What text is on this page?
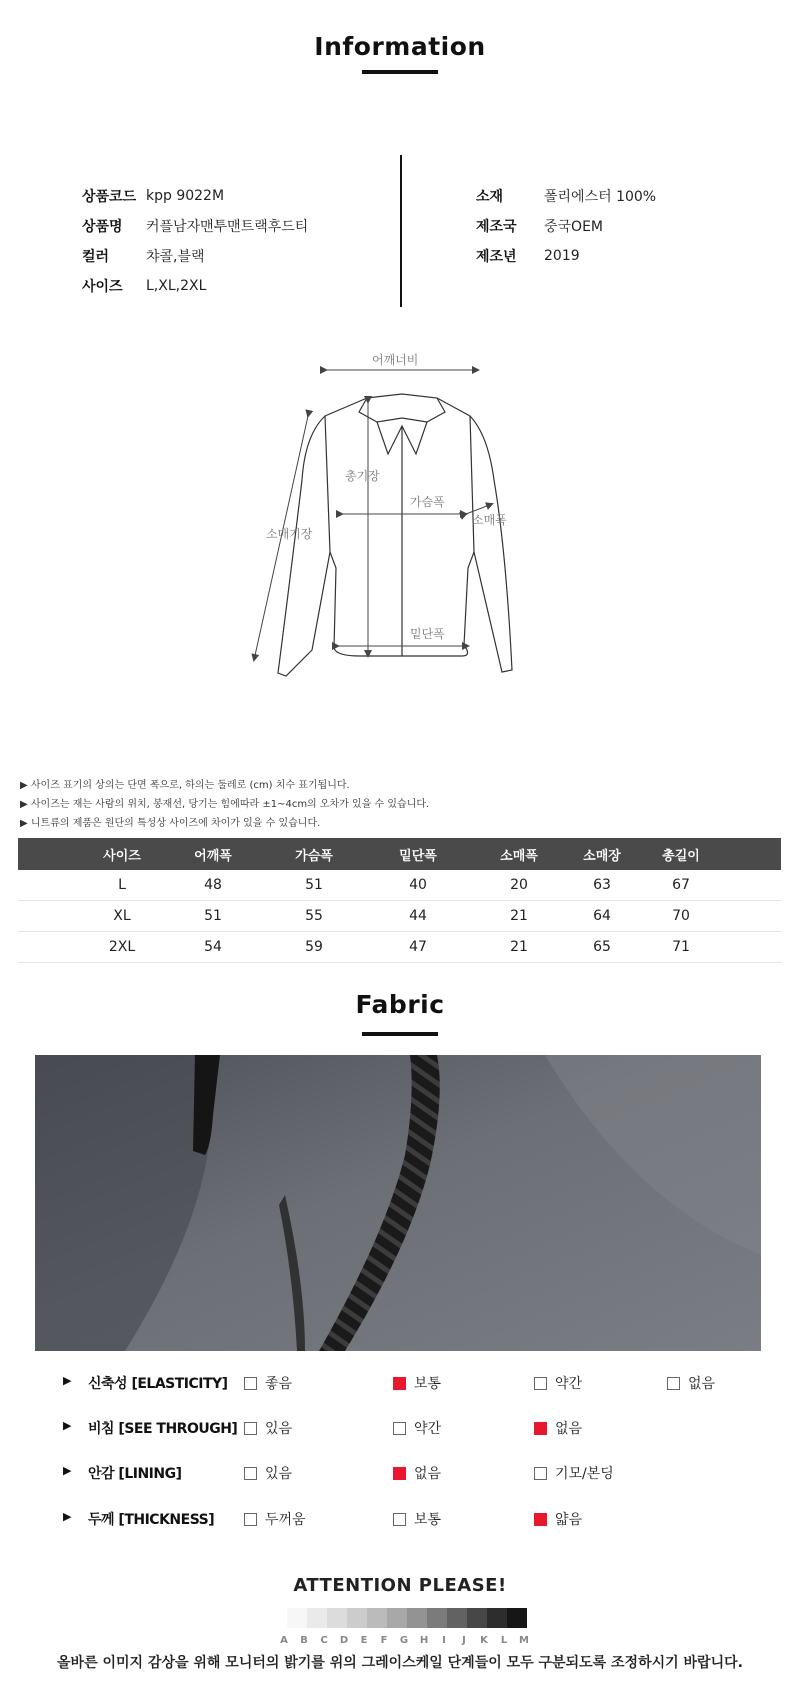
Information
상품코드 kpp 9022M
상품명	커플남자맨투맨트랙후드티
컬러	챠콜,블랙
사이즈	L,XL,2XL
소재	폴리에스터 100%
제조국	중국OEM
제조년	2019
어깨너비
총기장
가슴폭
소매폭
소매기장
밑단폭
▶ 사이즈 표기의 상의는 단면 폭으로, 하의는 둘레로 (cm) 치수 표기됩니다.
▶ 사이즈는 재는 사람의 위치, 봉재선, 당기는 힘에따라 ±1~4cm의 오차가 있을 수 있습니다.
▶ 니트류의 제품은 원단의 특성상 사이즈에 차이가 있을 수 있습니다.
사이즈	어깨폭	가슴폭	밑단폭	소매폭	소매장	총길이
L	48	51	40	20	63	67
XL	51	55	44	21	64	70
2XL	54	59	47	21	65	71
Fabric
▶ 신축성 [ELASTICITY]	좋음	보통	약간	없음
▶ 비침 [SEE THROUGH] 있음	약간	없음
▶ 안감 [LINING]	있음	없음	기모/본딩
▶ 두께 [THICKNESS]	두꺼움	보통	얇음
ATTENTION PLEASE!
A	B	C	D	E	F	G	H	I	J	K	L	M
올바른 이미지 감상을 위해 모니터의 밝기를 위의 그레이스케일 단계들이 모두 구분되도록 조정하시기 바랍니다.
